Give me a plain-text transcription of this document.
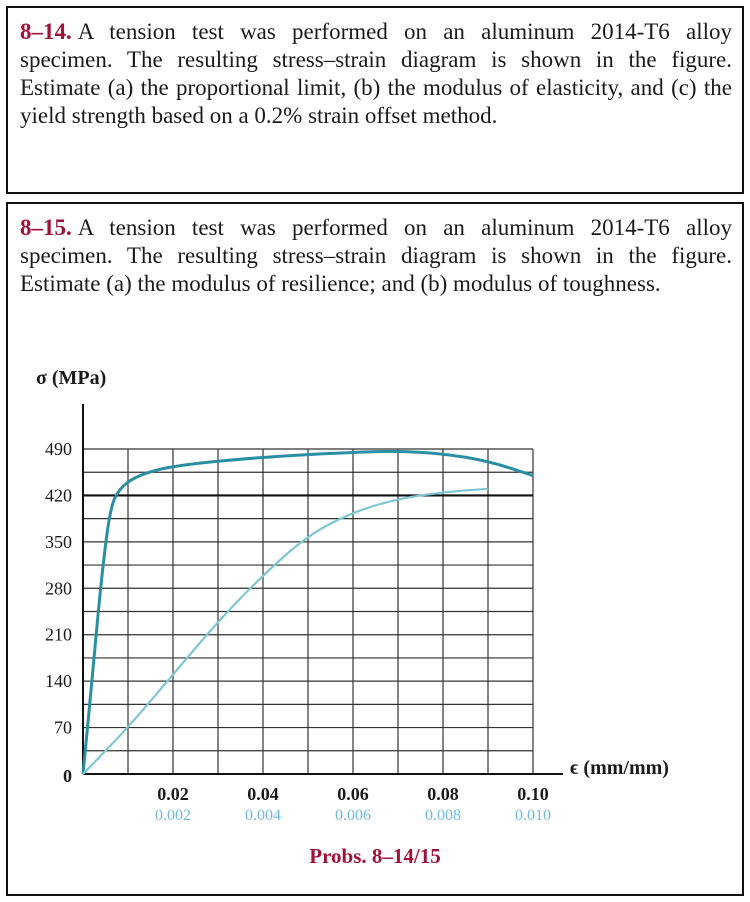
8–14. A tension test was performed on an aluminum 2014-T6 alloy specimen. The resulting stress–strain diagram is shown in the figure. Estimate (a) the proportional limit, (b) the modulus of elasticity, and (c) the yield strength based on a 0.2% strain offset method.
8–15. A tension test was performed on an aluminum 2014-T6 alloy specimen. The resulting stress–strain diagram is shown in the figure. Estimate (a) the modulus of resilience; and (b) modulus of toughness.
σ (MPa)
ϵ (mm/mm)
0
70
140
210
280
350
420
490
0.02	0.04	0.06	0.08	0.10
0.002	0.004	0.006	0.008	0.010
Probs. 8–14/15
